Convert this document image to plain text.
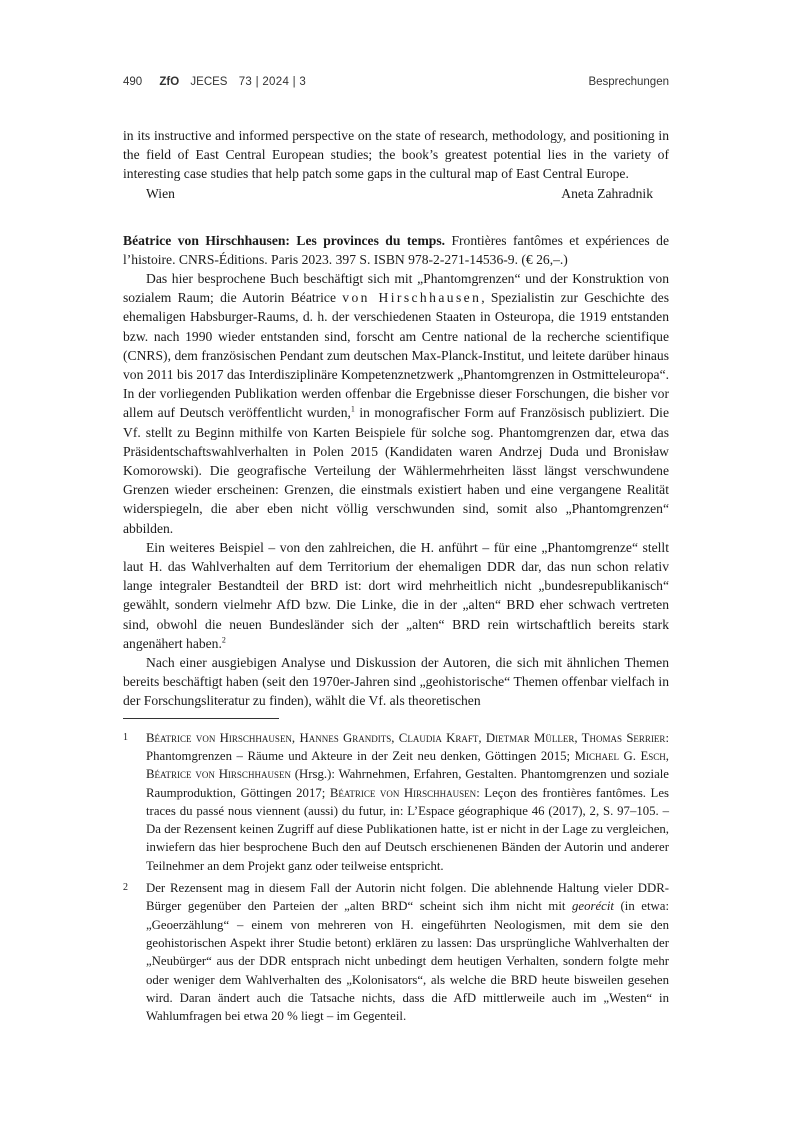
490 ZfO JECES 73 | 2024 | 3	Besprechungen

in its instructive and informed perspective on the state of research, methodology, and positioning in the field of East Central European studies; the book’s greatest potential lies in the variety of interesting case studies that help patch some gaps in the cultural map of East Central Europe.

Wien	Aneta Zahradnik

Béatrice von Hirschhausen: Les provinces du temps. Frontières fantômes et expériences de l’histoire. CNRS-Éditions. Paris 2023. 397 S. ISBN 978-2-271-14536-9. (€ 26,–.)

Das hier besprochene Buch beschäftigt sich mit „Phantomgrenzen“ und der Konstruktion von sozialem Raum; die Autorin Béatrice von Hirschhausen, Spezialistin zur Geschichte des ehemaligen Habsburger-Raums, d. h. der verschiedenen Staaten in Osteuropa, die 1919 entstanden bzw. nach 1990 wieder entstanden sind, forscht am Centre national de la recherche scientifique (CNRS), dem französischen Pendant zum deutschen Max-Planck-Institut, und leitete darüber hinaus von 2011 bis 2017 das Interdisziplinäre Kompetenznetzwerk „Phantomgrenzen in Ostmitteleuropa“. In der vorliegenden Publikation werden offenbar die Ergebnisse dieser Forschungen, die bisher vor allem auf Deutsch veröffentlicht wurden,$^1$ in monografischer Form auf Französisch publiziert. Die Vf. stellt zu Beginn mithilfe von Karten Beispiele für solche sog. Phantomgrenzen dar, etwa das Präsidentschaftswahlverhalten in Polen 2015 (Kandidaten waren Andrzej Duda und Bronisław Komorowski). Die geografische Verteilung der Wählermehrheiten lässt längst verschwundene Grenzen wieder erscheinen: Grenzen, die einstmals existiert haben und eine vergangene Realität widerspiegeln, die aber eben nicht völlig verschwunden sind, somit also „Phantomgrenzen“ abbilden.

Ein weiteres Beispiel – von den zahlreichen, die H. anführt – für eine „Phantomgrenze“ stellt laut H. das Wahlverhalten auf dem Territorium der ehemaligen DDR dar, das nun schon relativ lange integraler Bestandteil der BRD ist: dort wird mehrheitlich nicht „bundesrepublikanisch“ gewählt, sondern vielmehr AfD bzw. Die Linke, die in der „alten“ BRD eher schwach vertreten sind, obwohl die neuen Bundesländer sich der „alten“ BRD rein wirtschaftlich bereits stark angenähert haben.$^2$

Nach einer ausgiebigen Analyse und Diskussion der Autoren, die sich mit ähnlichen Themen bereits beschäftigt haben (seit den 1970er-Jahren sind „geohistorische“ Themen offenbar vielfach in der Forschungsliteratur zu finden), wählt die Vf. als theoretischen

1 Béatrice von Hirschhausen, Hannes Grandits, Claudia Kraft, Dietmar Müller, Thomas Serrier: Phantomgrenzen – Räume und Akteure in der Zeit neu denken, Göttingen 2015; Michael G. Esch, Béatrice von Hirschhausen (Hrsg.): Wahrnehmen, Erfahren, Gestalten. Phantomgrenzen und soziale Raumproduktion, Göttingen 2017; Béatrice von Hirschhausen: Leçon des frontières fantômes. Les traces du passé nous viennent (aussi) du futur, in: L’Espace géographique 46 (2017), 2, S. 97–105. – Da der Rezensent keinen Zugriff auf diese Publikationen hatte, ist er nicht in der Lage zu vergleichen, inwiefern das hier besprochene Buch den auf Deutsch erschienenen Bänden der Autorin und anderer Teilnehmer an dem Projekt ganz oder teilweise entspricht.
2 Der Rezensent mag in diesem Fall der Autorin nicht folgen. Die ablehnende Haltung vieler DDR-Bürger gegenüber den Parteien der „alten BRD“ scheint sich ihm nicht mit georécit (in etwa: „Geoerzählung“ – einem von mehreren von H. eingeführten Neologismen, mit dem sie den geohistorischen Aspekt ihrer Studie betont) erklären zu lassen: Das ursprüngliche Wahlverhalten der „Neubürger“ aus der DDR entsprach nicht unbedingt dem heutigen Verhalten, sondern folgte mehr oder weniger dem Wahlverhalten des „Kolonisators“, als welche die BRD heute bisweilen gesehen wird. Daran ändert auch die Tatsache nichts, dass die AfD mittlerweile auch im „Westen“ in Wahlumfragen bei etwa 20 % liegt – im Gegenteil.
